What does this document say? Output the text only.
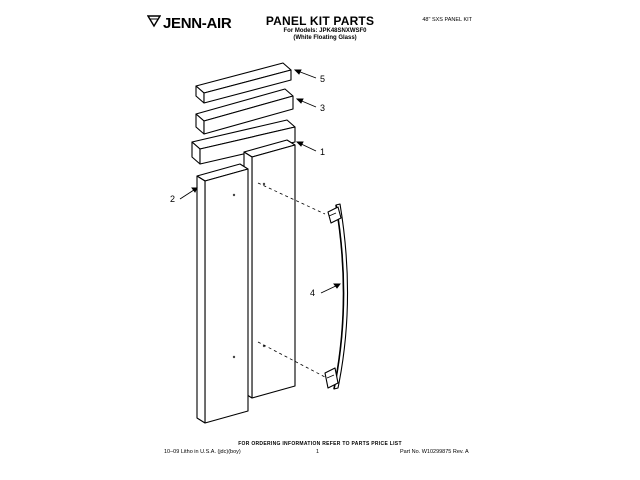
JENN-AIR	PANEL KIT PARTS
For Models: JPK48SNXWSF0
(White Floating Glass)
48" SXS PANEL KIT
5
3
1
2
4
FOR ORDERING INFORMATION REFER TO PARTS PRICE LIST
10–09 Litho in U.S.A. (jdc)(boy)	1	Part No. W10299875 Rev. A
